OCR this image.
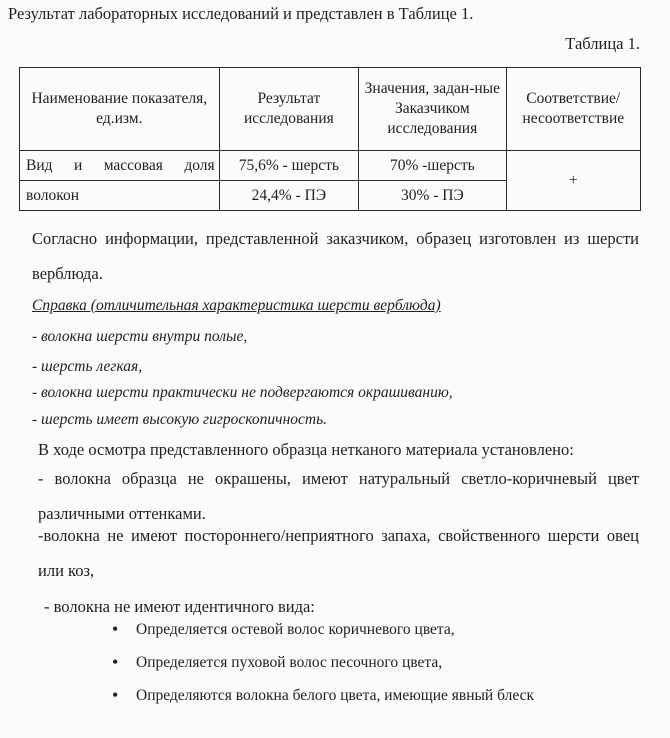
Результат лабораторных исследований и представлен в Таблице 1.
Таблица 1.
Наименование показателя, ед.изм.	Результат исследования	Значения, задан-ные Заказчиком исследования	Соответствие/ несоответствие
Вид и массовая доля	75,6% - шерсть	70% -шерсть	+
волокон	24,4% - ПЭ	30% - ПЭ	
Согласно информации, представленной заказчиком, образец изготовлен из шерсти верблюда.
Справка (отличительная характеристика шерсти верблюда)
- волокна шерсти внутри полые,
- шерсть легкая,
- волокна шерсти практически не подвергаются окрашиванию,
- шерсть имеет высокую гигроскопичность.
В ходе осмотра представленного образца нетканого материала установлено:
- волокна образца не окрашены, имеют натуральный светло-коричневый цвет различными оттенками.
-волокна не имеют постороннего/неприятного запаха, свойственного шерсти овец или коз,
- волокна не имеют идентичного вида:
• Определяется остевой волос коричневого цвета,
• Определяется пуховой волос песочного цвета,
• Определяются волокна белого цвета, имеющие явный блеск
